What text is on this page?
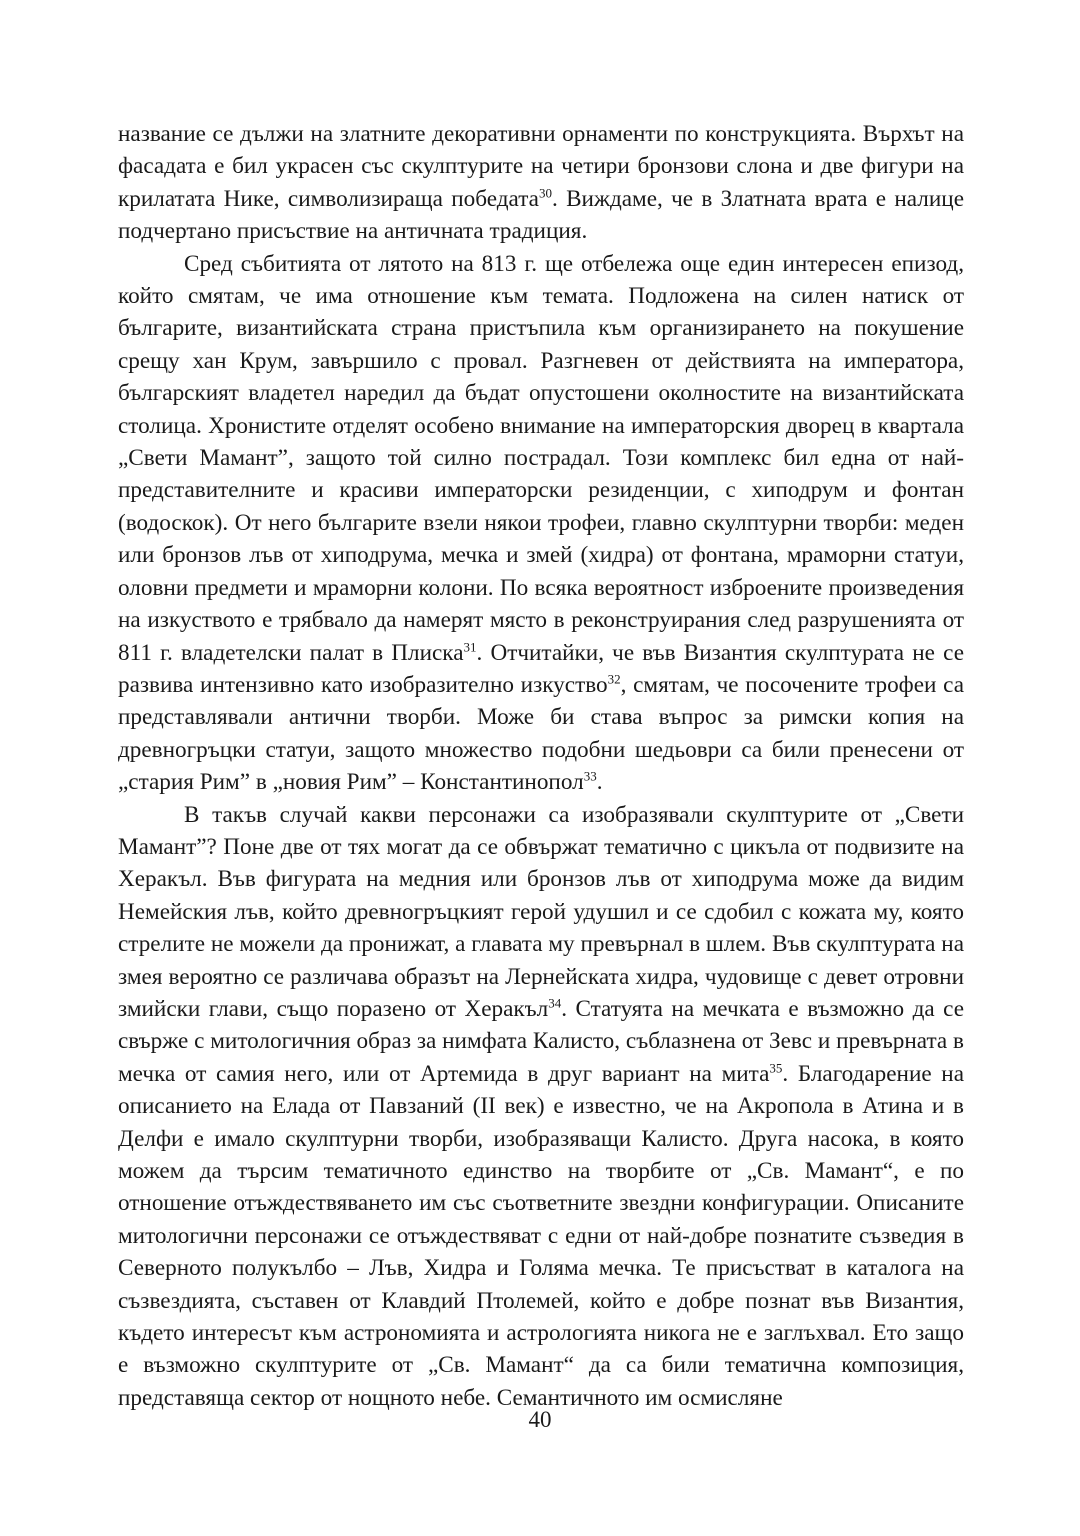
название се дължи на златните декоративни орнаменти по конструкцията. Върхът на фасадата е бил украсен със скулптурите на четири бронзови слона и две фигури на крилатата Нике, символизираща победата$^{30}$. Виждаме, че в Златната врата е налице подчертано присъствие на античната традиция.

Сред събитията от лятото на 813 г. ще отбележа още един интересен епизод, който смятам, че има отношение към темата. Подложена на силен натиск от българите, византийската страна пристъпила към организирането на покушение срещу хан Крум, завършило с провал. Разгневен от действията на императора, българският владетел наредил да бъдат опустошени околностите на византийската столица. Хронистите отделят особено внимание на императорския дворец в квартала „Свети Мамант”, защото той силно пострадал. Този комплекс бил една от най-представителните и красиви императорски резиденции, с хиподрум и фонтан (водоскок). От него българите взели някои трофеи, главно скулптурни творби: меден или бронзов лъв от хиподрума, мечка и змей (хидра) от фонтана, мраморни статуи, оловни предмети и мраморни колони. По всяка вероятност изброените произведения на изкуството е трябвало да намерят място в реконструирания след разрушенията от 811 г. владетелски палат в Плиска$^{31}$. Отчитайки, че във Византия скулптурата не се развива интензивно като изобразително изкуство$^{32}$, смятам, че посочените трофеи са представлявали антични творби. Може би става въпрос за римски копия на древногръцки статуи, защото множество подобни шедьоври са били пренесени от „стария Рим” в „новия Рим” – Константинопол$^{33}$.

В такъв случай какви персонажи са изобразявали скулптурите от „Свети Мамант”? Поне две от тях могат да се обвържат тематично с цикъла от подвизите на Херакъл. Във фигурата на медния или бронзов лъв от хиподрума може да видим Немейския лъв, който древногръцкият герой удушил и се сдобил с кожата му, която стрелите не можели да пронижат, а главата му превърнал в шлем. Във скулптурата на змея вероятно се различава образът на Лернейската хидра, чудовище с девет отровни змийски глави, също поразено от Херакъл$^{34}$. Статуята на мечката е възможно да се свърже с митологичния образ за нимфата Калисто, съблазнена от Зевс и превърната в мечка от самия него, или от Артемида в друг вариант на мита$^{35}$. Благодарение на описанието на Елада от Павзаний (II век) е известно, че на Акропола в Атина и в Делфи е имало скулптурни творби, изобразяващи Калисто. Друга насока, в която можем да търсим тематичното единство на творбите от „Св. Мамант“, е по отношение отъждествяването им със съответните звездни конфигурации. Описаните митологични персонажи се отъждествяват с едни от най-добре познатите съзведия в Северното полукълбо – Лъв, Хидра и Голяма мечка. Те присъстват в каталога на съзвездията, съставен от Клавдий Птолемей, който е добре познат във Византия, където интересът към астрономията и астрологията никога не е заглъхвал. Ето защо е възможно скулптурите от „Св. Мамант“ да са били тематична композиция, представяща сектор от нощното небе. Семантичното им осмисляне

40
